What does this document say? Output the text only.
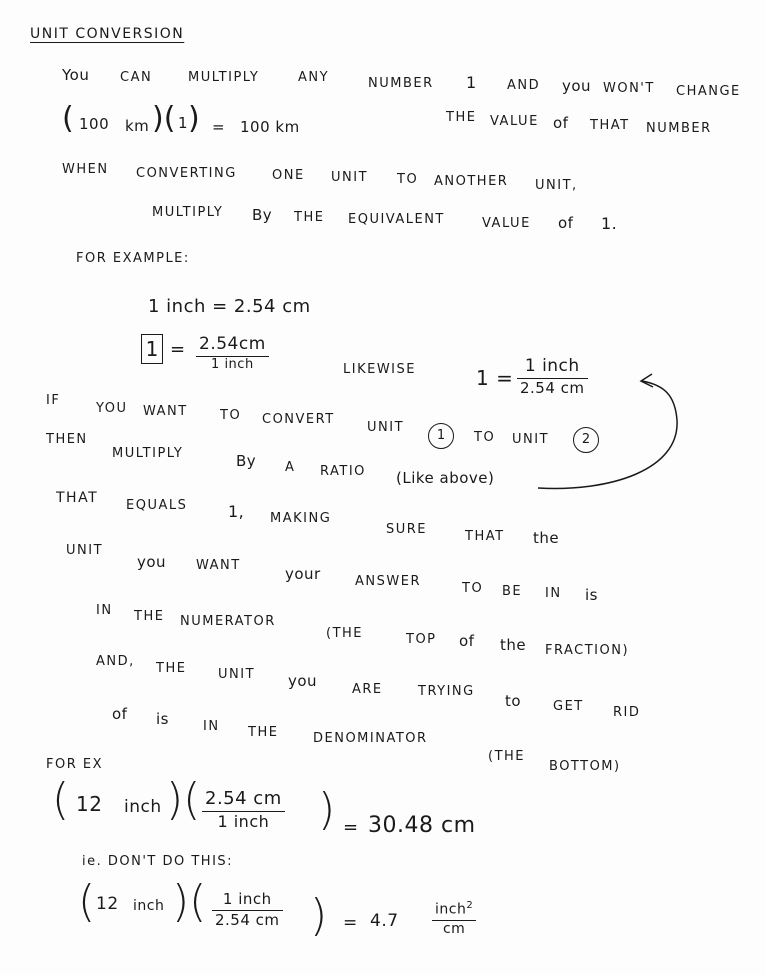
UNIT CONVERSION
You CAN	MULTIPLY	ANY	NUMBER 1 AND you WON'T CHANGE
( 100 km )( 1 ) = 100 km
THE VALUE of THAT NUMBER
WHEN CONVERTING	ONE UNIT TO ANOTHER UNIT,
MULTIPLY By THE EQUIVALENT	VALUE of 1.
FOR EXAMPLE:
1 inch = 2.54 cm
1 = 2.54cm
1 inch	LIKEWISE	1 = 1 inch
2.54 cm
IF
YOU WANT TO CONVERT
UNIT
1	TO UNIT	2
THEN
MULTIPLY	By A RATIO (Like above)
THAT EQUALS	1, MAKING
SURE	THAT the
UNIT
you WANT	your	ANSWER	TO BE IN is
IN THE NUMERATOR
(THE	TOP of the FRACTION)
AND, THE UNIT you	ARE	TRYING
to GET RID
of is	IN THE	DENOMINATOR
(THE
BOTTOM)
FOR EX
( 12 inch )( 2.54 cm
1 inch	) = 30.48 cm
ie. DON'T DO THIS:
( 12 inch )(	1 inch
2.54 cm ) = 4.7
inch$^2$
cm
